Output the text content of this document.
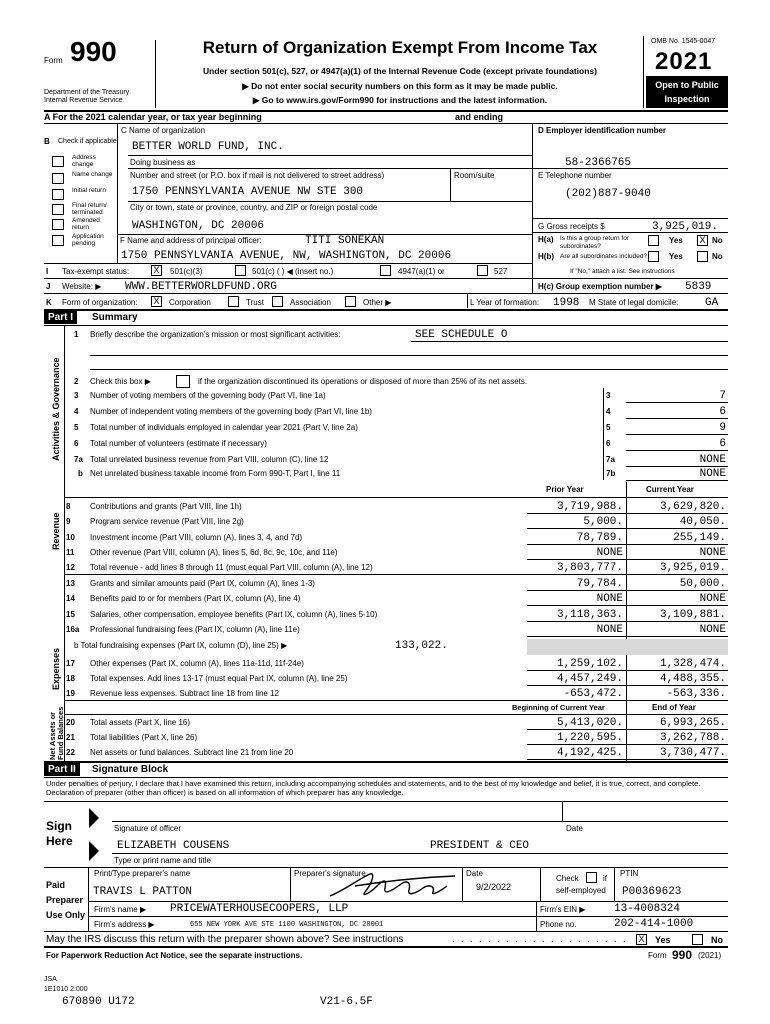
Form 990
Department of the Treasury
Internal Revenue Service
Return of Organization Exempt From Income Tax
Under section 501(c), 527, or 4947(a)(1) of the Internal Revenue Code (except private foundations)
▶ Do not enter social security numbers on this form as it may be made public.
▶ Go to www.irs.gov/Form990 for instructions and the latest information.
OMB No. 1545-0047
2021
Open to Public
Inspection
A For the 2021 calendar year, or tax year beginning	and ending
B Check if applicable
Address change
Name change
Initial return
Final return/ terminated
Amended return
Application pending
C Name of organization
BETTER WORLD FUND, INC.
Doing business as
Number and street (or P.O. box if mail is not delivered to street address)	Room/suite
1750 PENNSYLVANIA AVENUE NW STE 300
City or town, state or province, country, and ZIP or foreign postal code
WASHINGTON, DC 20006
F Name and address of principal officer:	TITI SONEKAN
1750 PENNSYLVANIA AVENUE, NW, WASHINGTON, DC 20006
D Employer identification number
58-2366765
E Telephone number
(202)887-9040
G Gross receipts $	3,925,019.
H(a) Is this a group return for subordinates?
Yes X No
H(b) Are all subordinates included?	Yes	No
If "No," attach a list. See instructions
I Tax-exempt status:	X	501(c)(3)	501(c) ( ) ◀ (insert no.)	4947(a)(1) or	527
J Website: ▶ WWW.BETTERWORLDFUND.ORG	H(c) Group exemption number ▶ 5839
K Form of organization: X	Corporation	Trust	Association	Other ▶	L Year of formation: 1998 M State of legal domicile: GA
Part I	Summary
Activities & Governance
Revenue
Expenses
Net Assets or Fund Balances
1 Briefly describe the organization's mission or most significant activities:	SEE SCHEDULE O
2 Check this box ▶	if the organization discontinued its operations or disposed of more than 25% of its net assets.
3 Number of voting members of the governing body (Part VI, line 1a)	3	7
4 Number of independent voting members of the governing body (Part VI, line 1b)	4	6
5 Total number of individuals employed in calendar year 2021 (Part V, line 2a)	5	9
6 Total number of volunteers (estimate if necessary)	6	6
7a Total unrelated business revenue from Part VIII, column (C), line 12	7a	NONE
b Net unrelated business taxable income from Form 990-T, Part I, line 11	7b	NONE
Prior Year	Current Year
8 Contributions and grants (Part VIII, line 1h)	3,719,988.	3,629,820.
9 Program service revenue (Part VIII, line 2g)	5,000.	40,050.
10 Investment income (Part VIII, column (A), lines 3, 4, and 7d)	78,789.	255,149.
11 Other revenue (Part VIII, column (A), lines 5, 6d, 8c, 9c, 10c, and 11e)	NONE	NONE
12 Total revenue - add lines 8 through 11 (must equal Part VIII, column (A), line 12)	3,803,777.	3,925,019.
13 Grants and similar amounts paid (Part IX, column (A), lines 1-3)	79,784.	50,000.
14 Benefits paid to or for members (Part IX, column (A), line 4)	NONE	NONE
15 Salaries, other compensation, employee benefits (Part IX, column (A), lines 5-10)	3,118,363.	3,109,881.
16a Professional fundraising fees (Part IX, column (A), line 11e)	NONE	NONE
b Total fundraising expenses (Part IX, column (D), line 25) ▶	133,022.
17 Other expenses (Part IX, column (A), lines 11a-11d, 11f-24e)	1,259,102.	1,328,474.
18 Total expenses. Add lines 13-17 (must equal Part IX, column (A), line 25)	4,457,249.	4,488,355.
19 Revenue less expenses. Subtract line 18 from line 12	-653,472.	-563,336.
Beginning of Current Year	End of Year
20 Total assets (Part X, line 16)	5,413,020.	6,993,265.
21 Total liabilities (Part X, line 26)	1,220,595.	3,262,788.
22 Net assets or fund balances. Subtract line 21 from line 20	4,192,425.	3,730,477.
Part II	Signature Block
Under penalties of perjury, I declare that I have examined this return, including accompanying schedules and statements, and to the best of my knowledge and belief, it is true, correct, and complete. Declaration of preparer (other than officer) is based on all information of which preparer has any knowledge.
Sign
Here
Signature of officer	Date
ELIZABETH COUSENS	PRESIDENT & CEO
Type or print name and title
Paid
Preparer
Use Only
Print/Type preparer's name	Preparer's signature	Date
9/2/2022
Check	if
self-employed
PTIN
P00369623
TRAVIS L PATTON
Firm's name ▶ PRICEWATERHOUSECOOPERS, LLP	Firm's EIN ▶	13-4008324
Firm's address ▶	655 NEW YORK AVE STE 1100 WASHINGTON, DC 20001	Phone no.	202-414-1000
May the IRS discuss this return with the preparer shown above? See instructions	. . . . . . . . . . . . . . . . . . . . X Yes	No
For Paperwork Reduction Act Notice, see the separate instructions.	Form 990 (2021)
JSA
1E1010 2.000
670890 U172	V21-6.5F
